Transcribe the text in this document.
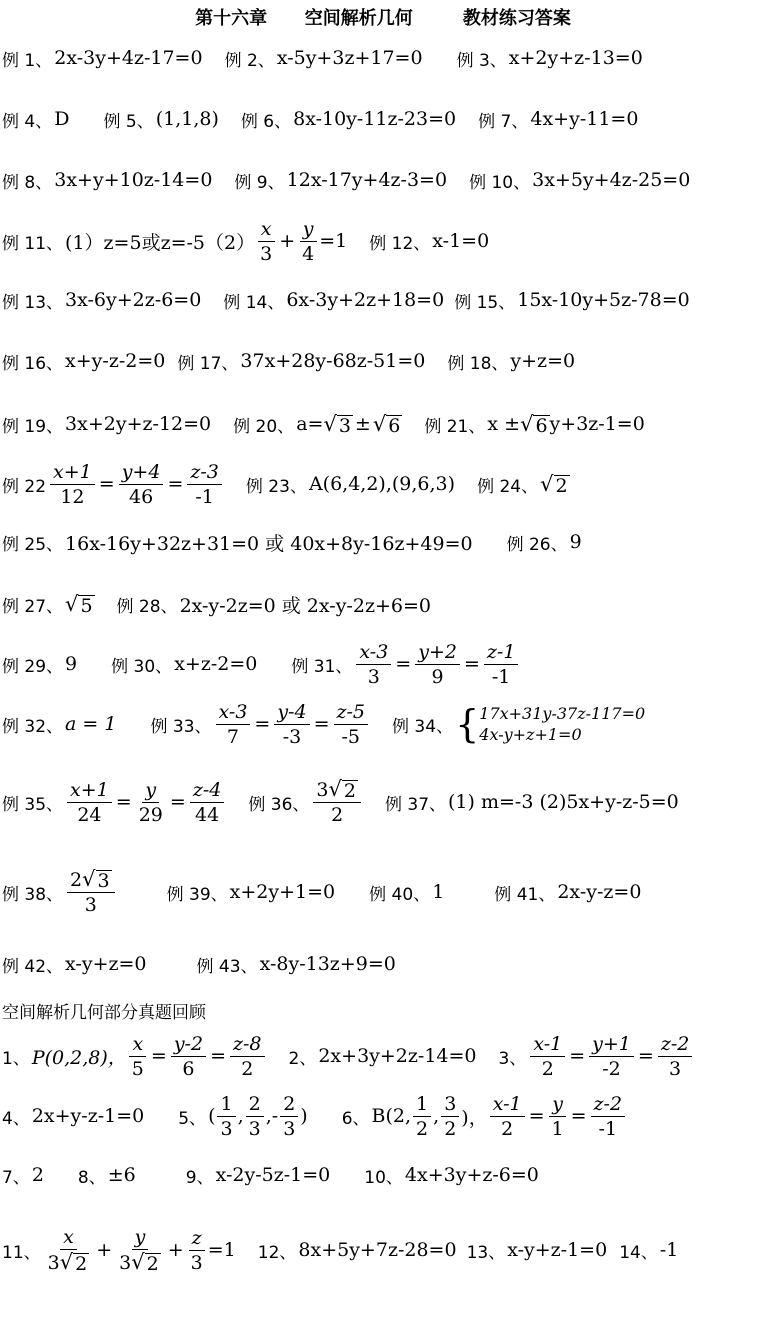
第十六章      空间解析几何        教材练习答案
例 1、 2x-3y+4z-17=0 例 2、 x-5y+3z+17=0 例 3、 x+2y+z-13=0
例 4、 D 例 5、 (1,1,8) 例 6、 8x-10y-11z-23=0 例 7、 4x+y-11=0
例 8、 3x+y+10z-14=0 例 9、 12x-17y+4z-3=0 例 10、 3x+5y+4z-25=0
例 11、 (1）z=5或$z=-5(2) \frac{x}{3} + \frac{y}{4} =1$ 例 12、 x-1=0
例 13、 3x-6y+2z-6=0 例 14、 6x-3y+2z+18=0 例 15、 15x-10y+5z-78=0
例 16、 x+y-z-2=0 例 17、 37x+28y-68z-51=0 例 18、 y+z=0
例 19、 3x+2y+z-12=0 例 20、 a= √ 3 ± √ 6 例 21、 x ± √ 6 y+3z-1=0
例 $22 \frac{x+1}{12} = \frac{y+4}{46} = \frac{z-3}{-1}$ 例 23、 A(6,4,2),(9,6,3) 例 24、 √ 2
例 25、 16x-16y+32z+31=0 或 40x+8y-16z+49=0 例 26、 9
例 27、 √ 5 例 28、 2x-y-2z=0 或 2x-y-2z+6=0
例 29、 9 例 30、 x+z-2=0 例 31、 $\frac{x-3}{3} = \frac{y+2}{9} = \frac{z-1}{-1}$
例 32、 a = 1 例 33、 $\frac{x-3}{7} = \frac{y-4}{-3} = \frac{z-5}{-5}$ 例 34、 { 17x+31y-37z-117=0
4x-y+z+1=0
例 35、 $\frac{x+1}{24} = \frac{y}{29} = \frac{z-4}{44}$ 例 36、 $\frac{3 √ 2}{2}$ 例 37、 (1) m=-3 (2)5x+y-z-5=0
例 38、 $\frac{2 √ 3}{3}$	例 39、 x+2y+1=0 例 40、 1	例 41、 2x-y-z=0
例 42、 x-y+z=0	例 43、 x-8y-13z+9=0
空间解析几何部分真题回顾
1、 P(0,2,8)， $\frac{x}{5} = \frac{y-2}{6} = \frac{z-8}{2} 2$、 2x+3y+2z-14=0 3、 $\frac{x-1}{2} = \frac{y+1}{-2} = \frac{z-2}{3}$
4、 2x+y-z-1=0 5、 ( $\frac{1}{3}$ , $\frac{2}{3}$ ,- $\frac{2}{3}$ ) 6、 B(2, $\frac{1}{2}$ , $\frac{3}{2}$ )， $\frac{x-1}{2} = \frac{y}{1} = \frac{z-2}{-1}$
7、 2 8、 ±6	9、 x-2y-5z-1=0 10、 4x+3y+z-6=0
11、 $\frac{x}{3 √ 2} + \frac{y}{3 √ 2} + \frac{z}{3} =1$ 12、 8x+5y+7z-28=0 13、 x-y+z-1=0 14、 -1
